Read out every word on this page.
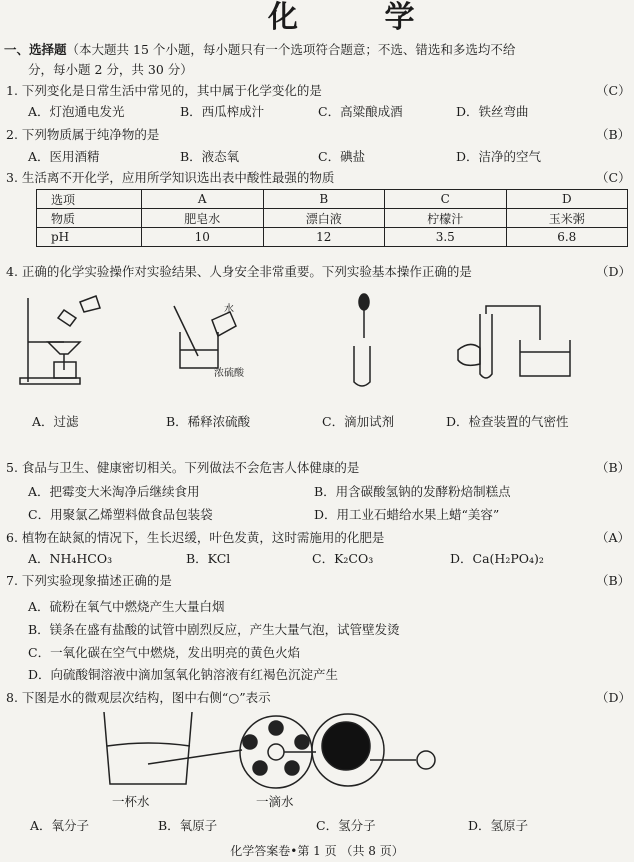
化 学
一、选择题（本大题共 15 个小题，每小题只有一个选项符合题意；不选、错选和多选均不给
分，每小题 2 分，共 30 分）
1. 下列变化是日常生活中常见的，其中属于化学变化的是	（C）
A．灯泡通电发光	B．西瓜榨成汁	C．高粱酿成酒	D．铁丝弯曲
2. 下列物质属于纯净物的是	（B）
A．医用酒精	B．液态氧	C．碘盐	D．洁净的空气
3. 生活离不开化学，应用所学知识选出表中酸性最强的物质	（C）
选项	A	B	C	D
物质	肥皂水	漂白液	柠檬汁	玉米粥
pH	10	12	3.5	6.8
4. 正确的化学实验操作对实验结果、人身安全非常重要。下列实验基本操作正确的是	（D）
水
浓硫酸
A．过滤	B．稀释浓硫酸	C．滴加试剂	D．检查装置的气密性
5. 食品与卫生、健康密切相关。下列做法不会危害人体健康的是	（B）
A．把霉变大米淘净后继续食用	B．用含碳酸氢钠的发酵粉焙制糕点
C．用聚氯乙烯塑料做食品包装袋	D．用工业石蜡给水果上蜡“美容”
6. 植物在缺氮的情况下，生长迟缓，叶色发黄，这时需施用的化肥是	（A）
A．NH₄HCO₃	B．KCl	C．K₂CO₃	D．Ca(H₂PO₄)₂
7. 下列实验现象描述正确的是	（B）
A．硫粉在氧气中燃烧产生大量白烟
B．镁条在盛有盐酸的试管中剧烈反应，产生大量气泡，试管壁发烫
C．一氧化碳在空气中燃烧，发出明亮的黄色火焰
D．向硫酸铜溶液中滴加氢氧化钠溶液有红褐色沉淀产生
8. 下图是水的微观层次结构，图中右侧“○”表示	（D）
一杯水	一滴水
A．氧分子	B．氧原子	C．氢分子	D．氢原子
化学答案卷•第 1 页 （共 8 页）
